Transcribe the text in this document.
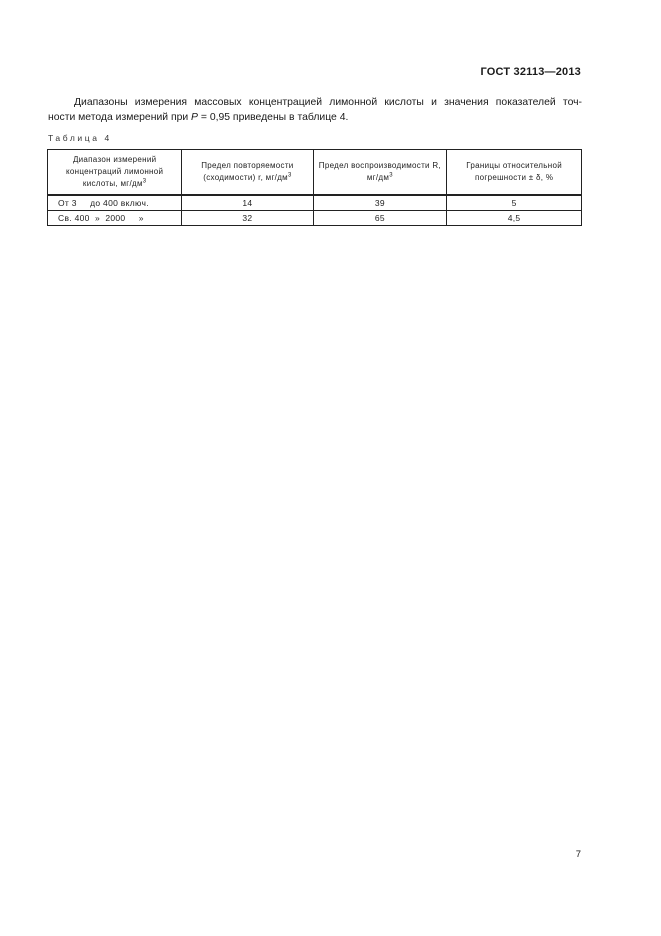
ГОСТ 32113—2013
Диапазоны измерения массовых концентрацией лимонной кислоты и значения показателей точ-
ности метода измерений при P = 0,95 приведены в таблице 4.
Таблица 4
Диапазон измерений концентраций лимонной кислоты, $мг/дм^3$	Предел повторяемости (сходимости) r, $мг/дм^3$	Предел воспроизводимости R, $мг/дм^3$	Границы относительной погрешности ± δ, %
От 3     до 400 включ.	14	39	5
Св. 400  »  2000     »	32	65	4,5
7
